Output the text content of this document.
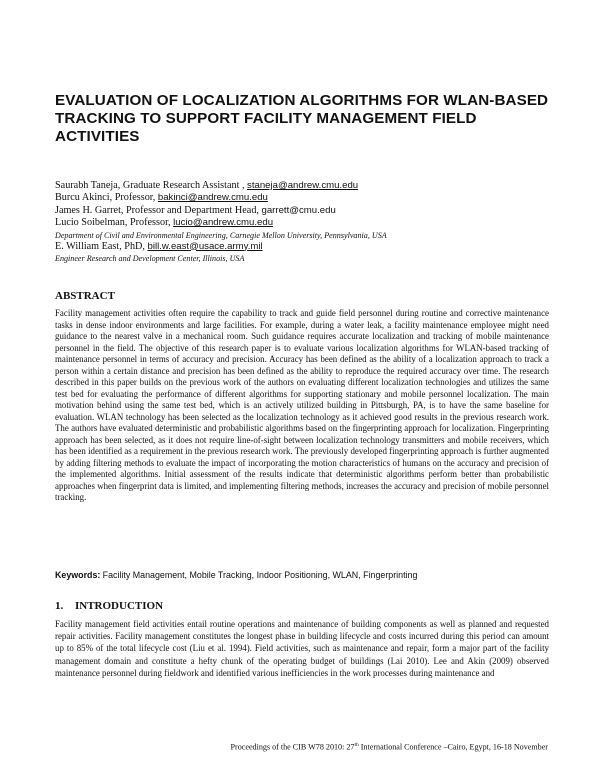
EVALUATION OF LOCALIZATION ALGORITHMS FOR WLAN-BASED TRACKING TO SUPPORT FACILITY MANAGEMENT FIELD ACTIVITIES
Saurabh Taneja, Graduate Research Assistant , staneja@andrew.cmu.edu
Burcu Akinci, Professor, bakinci@andrew.cmu.edu
James H. Garret, Professor and Department Head, garrett@cmu.edu
Lucio Soibelman, Professor, lucio@andrew.cmu.edu
Department of Civil and Environmental Engineering, Carnegie Mellon University, Pennsylvania, USA
E. William East, PhD, bill.w.east@usace.army.mil
Engineer Research and Development Center, Illinois, USA
ABSTRACT
Facility management activities often require the capability to track and guide field personnel during routine and corrective maintenance tasks in dense indoor environments and large facilities. For example, during a water leak, a facility maintenance employee might need guidance to the nearest valve in a mechanical room. Such guidance requires accurate localization and tracking of mobile maintenance personnel in the field. The objective of this research paper is to evaluate various localization algorithms for WLAN-based tracking of maintenance personnel in terms of accuracy and precision. Accuracy has been defined as the ability of a localization approach to track a person within a certain distance and precision has been defined as the ability to reproduce the required accuracy over time. The research described in this paper builds on the previous work of the authors on evaluating different localization technologies and utilizes the same test bed for evaluating the performance of different algorithms for supporting stationary and mobile personnel localization. The main motivation behind using the same test bed, which is an actively utilized building in Pittsburgh, PA, is to have the same baseline for evaluation. WLAN technology has been selected as the localization technology as it achieved good results in the previous research work. The authors have evaluated deterministic and probabilistic algorithms based on the fingerprinting approach for localization. Fingerprinting approach has been selected, as it does not require line-of-sight between localization technology transmitters and mobile receivers, which has been identified as a requirement in the previous research work. The previously developed fingerprinting approach is further augmented by adding filtering methods to evaluate the impact of incorporating the motion characteristics of humans on the accuracy and precision of the implemented algorithms. Initial assessment of the results indicate that deterministic algorithms perform better than probabilistic approaches when fingerprint data is limited, and implementing filtering methods, increases the accuracy and precision of mobile personnel tracking.
Keywords: Facility Management, Mobile Tracking, Indoor Positioning, WLAN, Fingerprinting
1. INTRODUCTION
Facility management field activities entail routine operations and maintenance of building components as well as planned and requested repair activities. Facility management constitutes the longest phase in building lifecycle and costs incurred during this period can amount up to 85% of the total lifecycle cost (Liu et al. 1994). Field activities, such as maintenance and repair, form a major part of the facility management domain and constitute a hefty chunk of the operating budget of buildings (Lai 2010). Lee and Akin (2009) observed maintenance personnel during fieldwork and identified various inefficiencies in the work processes during maintenance and
Proceedings of the CIB W78 2010: 27th International Conference –Cairo, Egypt, 16-18 November
